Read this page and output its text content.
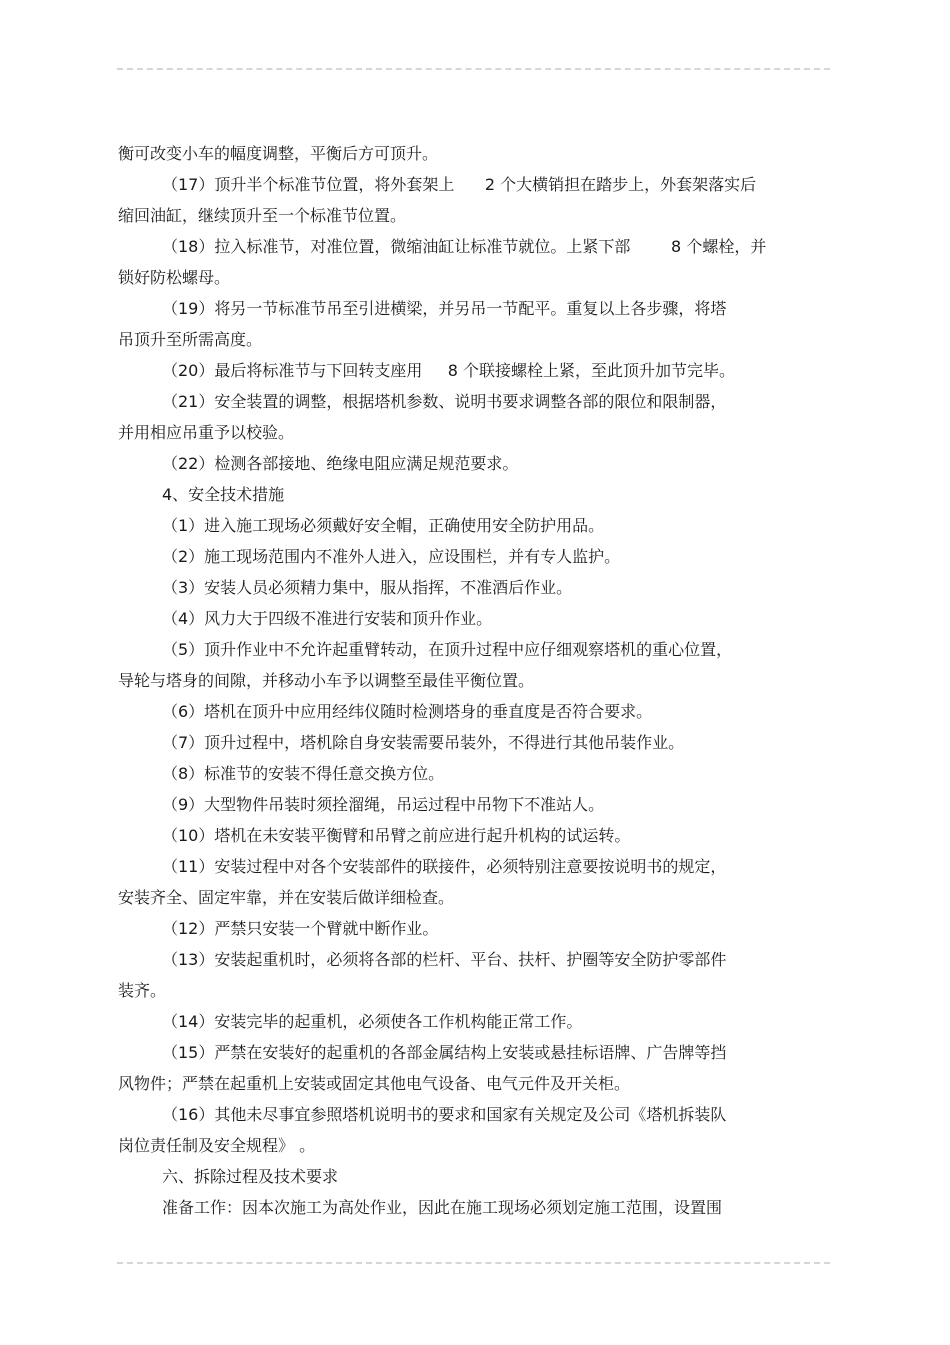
衡可改变小车的幅度调整，平衡后方可顶升。
（17）顶升半个标准节位置，将外套架上      2 个大横销担在踏步上，外套架落实后
缩回油缸，继续顶升至一个标准节位置。
（18）拉入标准节，对准位置，微缩油缸让标准节就位。上紧下部        8 个螺栓，并
锁好防松螺母。
（19）将另一节标准节吊至引进横梁，并另吊一节配平。重复以上各步骤，将塔
吊顶升至所需高度。
（20）最后将标准节与下回转支座用     8 个联接螺栓上紧，至此顶升加节完毕。
（21）安全装置的调整，根据塔机参数、说明书要求调整各部的限位和限制器，
并用相应吊重予以校验。
（22）检测各部接地、绝缘电阻应满足规范要求。
4、安全技术措施
（1）进入施工现场必须戴好安全帽，正确使用安全防护用品。
（2）施工现场范围内不准外人进入，应设围栏，并有专人监护。
（3）安装人员必须精力集中，服从指挥，不准酒后作业。
（4）风力大于四级不准进行安装和顶升作业。
（5）顶升作业中不允许起重臂转动，在顶升过程中应仔细观察塔机的重心位置，
导轮与塔身的间隙，并移动小车予以调整至最佳平衡位置。
（6）塔机在顶升中应用经纬仪随时检测塔身的垂直度是否符合要求。
（7）顶升过程中，塔机除自身安装需要吊装外，不得进行其他吊装作业。
（8）标准节的安装不得任意交换方位。
（9）大型物件吊装时须拴溜绳，吊运过程中吊物下不准站人。
（10）塔机在未安装平衡臂和吊臂之前应进行起升机构的试运转。
（11）安装过程中对各个安装部件的联接件，必须特别注意要按说明书的规定，
安装齐全、固定牢靠，并在安装后做详细检查。
（12）严禁只安装一个臂就中断作业。
（13）安装起重机时，必须将各部的栏杆、平台、扶杆、护圈等安全防护零部件
装齐。
（14）安装完毕的起重机，必须使各工作机构能正常工作。
（15）严禁在安装好的起重机的各部金属结构上安装或悬挂标语牌、广告牌等挡
风物件；严禁在起重机上安装或固定其他电气设备、电气元件及开关柜。
（16）其他未尽事宜参照塔机说明书的要求和国家有关规定及公司《塔机拆装队
岗位责任制及安全规程》 。
六、拆除过程及技术要求
准备工作：因本次施工为高处作业，因此在施工现场必须划定施工范围，设置围
